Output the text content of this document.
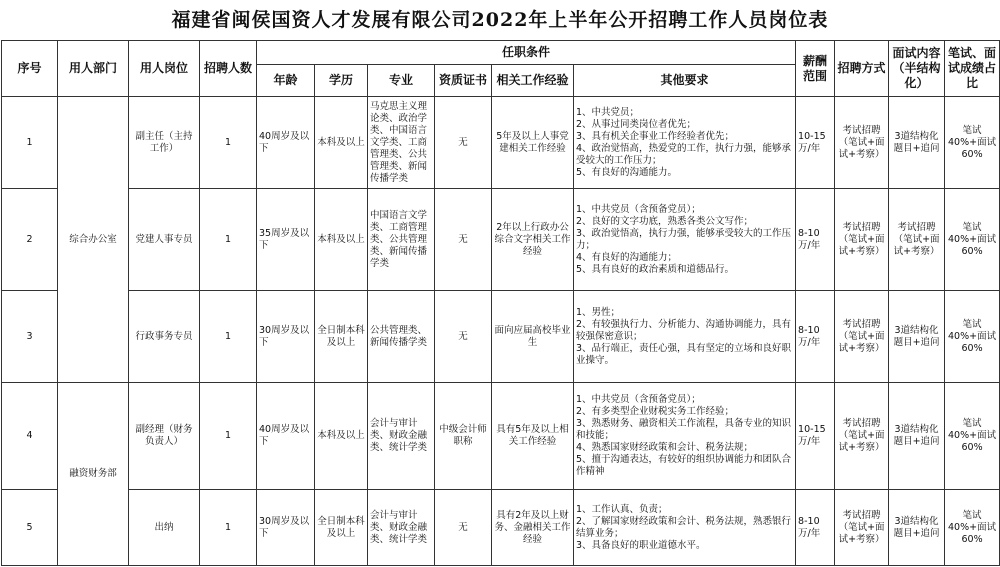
福建省闽侯国资人才发展有限公司2022年上半年公开招聘工作人员岗位表
序号	用人部门	用人岗位	招聘人数	任职条件						薪酬范围	招聘方式	面试内容（半结构化）	笔试、面试成绩占比
				年龄	学历	专业	资质证书	相关工作经验	其他要求				
1	综合办公室	副主任（主持工作）	1	40周岁及以下	本科及以上	马克思主义理论类、政治学类、中国语言文学类、工商管理类、公共管理类、新闻传播学类	无	5年及以上人事党建相关工作经验	1、中共党员；
2、从事过同类岗位者优先；
3、具有机关企事业工作经验者优先；
4、政治觉悟高，热爱党的工作，执行力强，能够承受较大的工作压力；
5、有良好的沟通能力。	10-15万/年	考试招聘（笔试+面试+考察）	3道结构化题目+追问	笔试40%+面试60%
2		党建人事专员	1	35周岁及以下	本科及以上	中国语言文学类、工商管理类、公共管理类、新闻传播学类	无	2年以上行政办公综合文字相关工作经验	1、中共党员（含预备党员）；
2、良好的文字功底，熟悉各类公文写作；
3、政治觉悟高，执行力强，能够承受较大的工作压力；
4、有良好的沟通能力；
5、具有良好的政治素质和道德品行。	8-10万/年	考试招聘（笔试+面试+考察）	考试招聘（笔试+面试+考察）	笔试40%+面试60%
3		行政事务专员	1	30周岁及以下	全日制本科及以上	公共管理类、新闻传播学类	无	面向应届高校毕业生	1、男性；
2、有较强执行力、分析能力、沟通协调能力，具有较强保密意识；
3、品行端正，责任心强，具有坚定的立场和良好职业操守。	8-10万/年	考试招聘（笔试+面试+考察）	3道结构化题目+追问	笔试40%+面试60%
4	融资财务部	副经理（财务负责人）	1	40周岁及以下	本科及以上	会计与审计类、财政金融类、统计学类	中级会计师职称	具有5年及以上相关工作经验	1、中共党员（含预备党员）；
2、有多类型企业财税实务工作经验；
3、熟悉财务、融资相关工作流程，具备专业的知识和技能；
4、熟悉国家财经政策和会计、税务法规；
5、擅于沟通表达，有较好的组织协调能力和团队合作精神	10-15万/年	考试招聘（笔试+面试+考察）	3道结构化题目+追问	笔试40%+面试60%
5		出纳	1	30周岁及以下	全日制本科及以上	会计与审计类、财政金融类、统计学类	无	具有2年及以上财务、金融相关工作经验	1、工作认真、负责；
2、了解国家财经政策和会计、税务法规，熟悉银行结算业务；
3、具备良好的职业道德水平。	8-10万/年	考试招聘（笔试+面试+考察）	3道结构化题目+追问	笔试40%+面试60%
